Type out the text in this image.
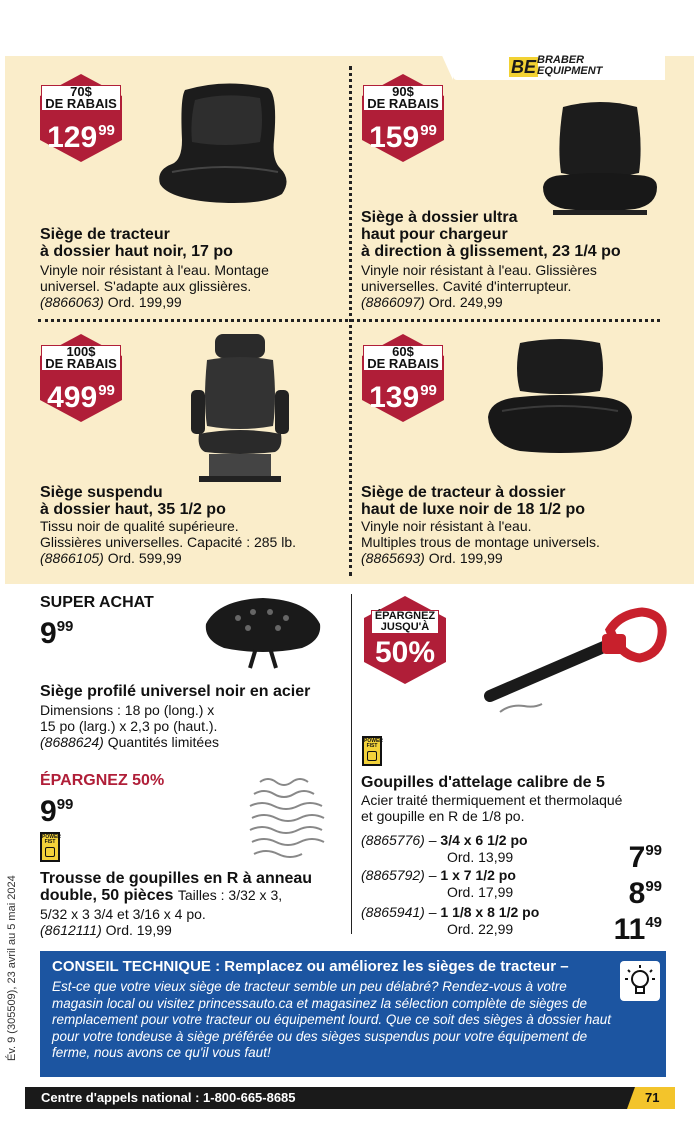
BE BRABER
EQUIPMENT
70$
DE RABAIS
$129^{99}$
Siège de tracteur
à dossier haut noir, 17 po
Vinyle noir résistant à l'eau. Montage
universel. S'adapte aux glissières.
(8866063) Ord. 199,99
90$
DE RABAIS
$159^{99}$
Siège à dossier ultra
haut pour chargeur
à direction à glissement, 23 1/4 po
Vinyle noir résistant à l'eau. Glissières
universelles. Cavité d'interrupteur.
(8866097) Ord. 249,99
100$
DE RABAIS
$499^{99}$
Siège suspendu
à dossier haut, 35 1/2 po
Tissu noir de qualité supérieure.
Glissières universelles. Capacité : 285 lb.
(8866105) Ord. 599,99
60$
DE RABAIS
$139^{99}$
Siège de tracteur à dossier
haut de luxe noir de 18 1/2 po
Vinyle noir résistant à l'eau.
Multiples trous de montage universels.
(8865693) Ord. 199,99
SUPER ACHAT
$9^{99}$
Siège profilé universel noir en acier
Dimensions : 18 po (long.) x
15 po (larg.) x 2,3 po (haut.).
(8688624) Quantités limitées
ÉPARGNEZ 50%
$9^{99}$
POWER FIST
Trousse de goupilles en R à anneau
double, 50 pièces Tailles : 3/32 x 3,
5/32 x 3 3/4 et 3/16 x 4 po.
(8612111) Ord. 19,99
ÉPARGNEZ
JUSQU'À
50%
POWER FIST
Goupilles d'attelage calibre de 5
Acier traité thermiquement et thermolaqué
et goupille en R de 1/8 po.
(8865776) – 3/4 x 6 1/2 po
Ord. 13,99	$7^{99}$
(8865792) – 1 x 7 1/2 po
Ord. 17,99	$8^{99}$
(8865941) – 1 1/8 x 8 1/2 po
Ord. 22,99	$11^{49}$
CONSEIL TECHNIQUE : Remplacez ou améliorez les sièges de tracteur –
Est-ce que votre vieux siège de tracteur semble un peu délabré? Rendez-vous à votre magasin local ou visitez princessauto.ca et magasinez la sélection complète de sièges de remplacement pour votre tracteur ou équipement lourd. Que ce soit des sièges à dossier haut pour votre tondeuse à siège préférée ou des sièges suspendus pour votre équipement de ferme, nous avons ce qu'il vous faut!
Év. 9 (305509), 23 avril au 5 mai 2024
Centre d'appels national : 1-800-665-8685	71
